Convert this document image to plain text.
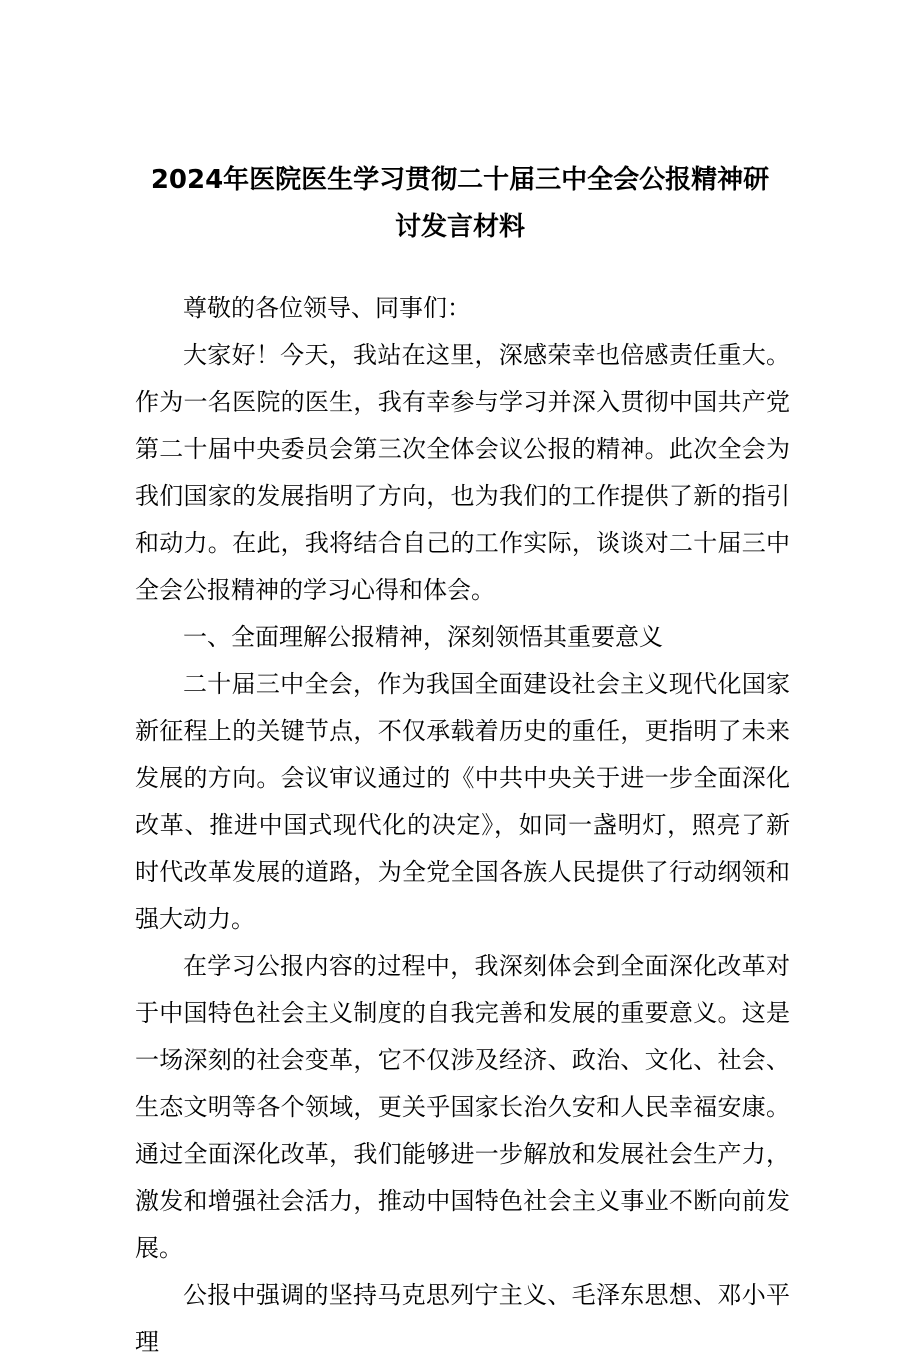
2024年医院医生学习贯彻二十届三中全会公报精神研
讨发言材料

尊敬的各位领导、同事们：

大家好！今天，我站在这里，深感荣幸也倍感责任重大。作为一名医院的医生，我有幸参与学习并深入贯彻中国共产党第二十届中央委员会第三次全体会议公报的精神。此次全会为我们国家的发展指明了方向，也为我们的工作提供了新的指引和动力。在此，我将结合自己的工作实际，谈谈对二十届三中全会公报精神的学习心得和体会。

一、全面理解公报精神，深刻领悟其重要意义

二十届三中全会，作为我国全面建设社会主义现代化国家新征程上的关键节点，不仅承载着历史的重任，更指明了未来发展的方向。会议审议通过的《中共中央关于进一步全面深化改革、推进中国式现代化的决定》，如同一盏明灯，照亮了新时代改革发展的道路，为全党全国各族人民提供了行动纲领和强大动力。

在学习公报内容的过程中，我深刻体会到全面深化改革对于中国特色社会主义制度的自我完善和发展的重要意义。这是一场深刻的社会变革，它不仅涉及经济、政治、文化、社会、生态文明等各个领域，更关乎国家长治久安和人民幸福安康。通过全面深化改革，我们能够进一步解放和发展社会生产力，激发和增强社会活力，推动中国特色社会主义事业不断向前发展。

公报中强调的坚持马克思列宁主义、毛泽东思想、邓小平理
